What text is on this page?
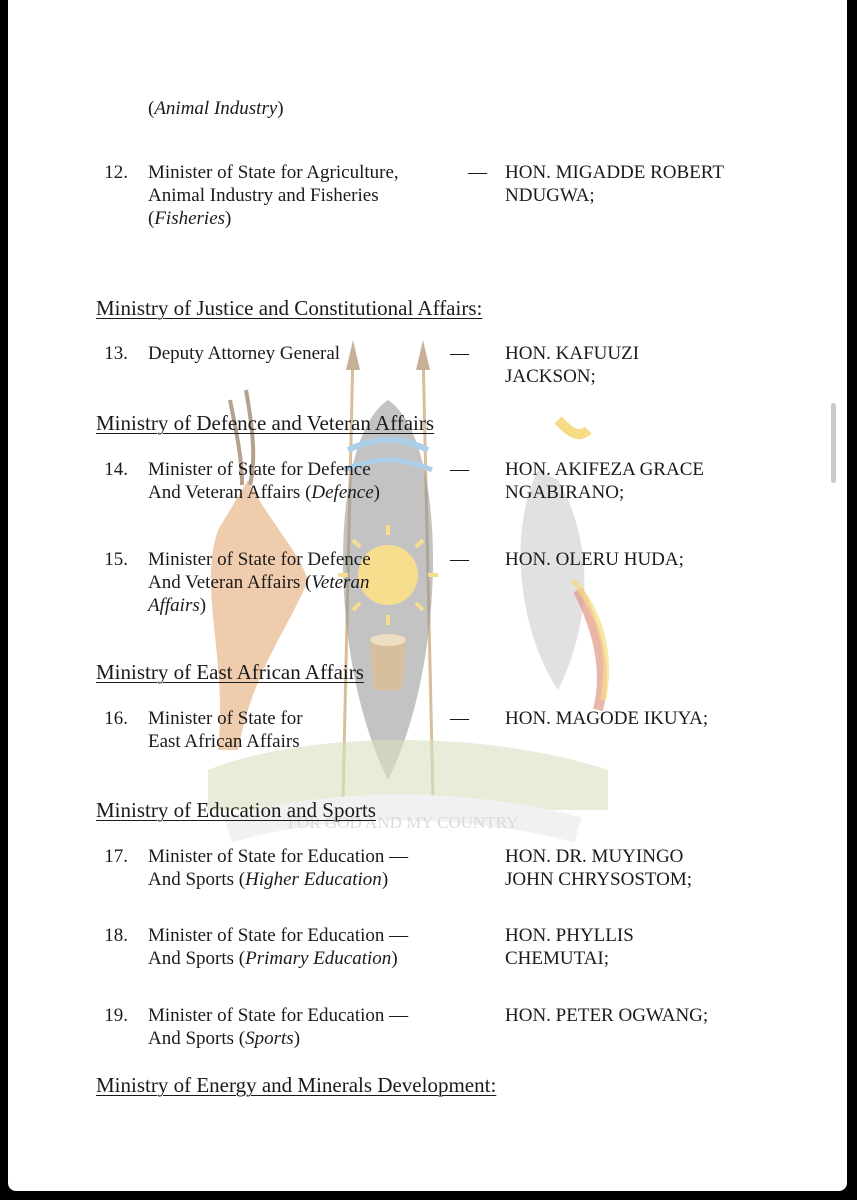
FOR GOD AND MY COUNTRY
(Animal Industry)
12. Minister of State for Agriculture,
Animal Industry and Fisheries
(Fisheries)
— HON. MIGADDE ROBERT
NDUGWA;
Ministry of Justice and Constitutional Affairs:
13. Deputy Attorney General	— HON. KAFUUZI
JACKSON;
Ministry of Defence and Veteran Affairs
14. Minister of State for Defence
And Veteran Affairs (Defence)
— HON. AKIFEZA GRACE
NGABIRANO;
15. Minister of State for Defence
And Veteran Affairs (Veteran
Affairs)
— HON. OLERU HUDA;
Ministry of East African Affairs
16. Minister of State for
East African Affairs
— HON. MAGODE IKUYA;
Ministry of Education and Sports
17. Minister of State for Education —
And Sports (Higher Education)
HON. DR. MUYINGO
JOHN CHRYSOSTOM;
18. Minister of State for Education —
And Sports (Primary Education)
HON. PHYLLIS
CHEMUTAI;
19. Minister of State for Education —
And Sports (Sports)
HON. PETER OGWANG;
Ministry of Energy and Minerals Development:
